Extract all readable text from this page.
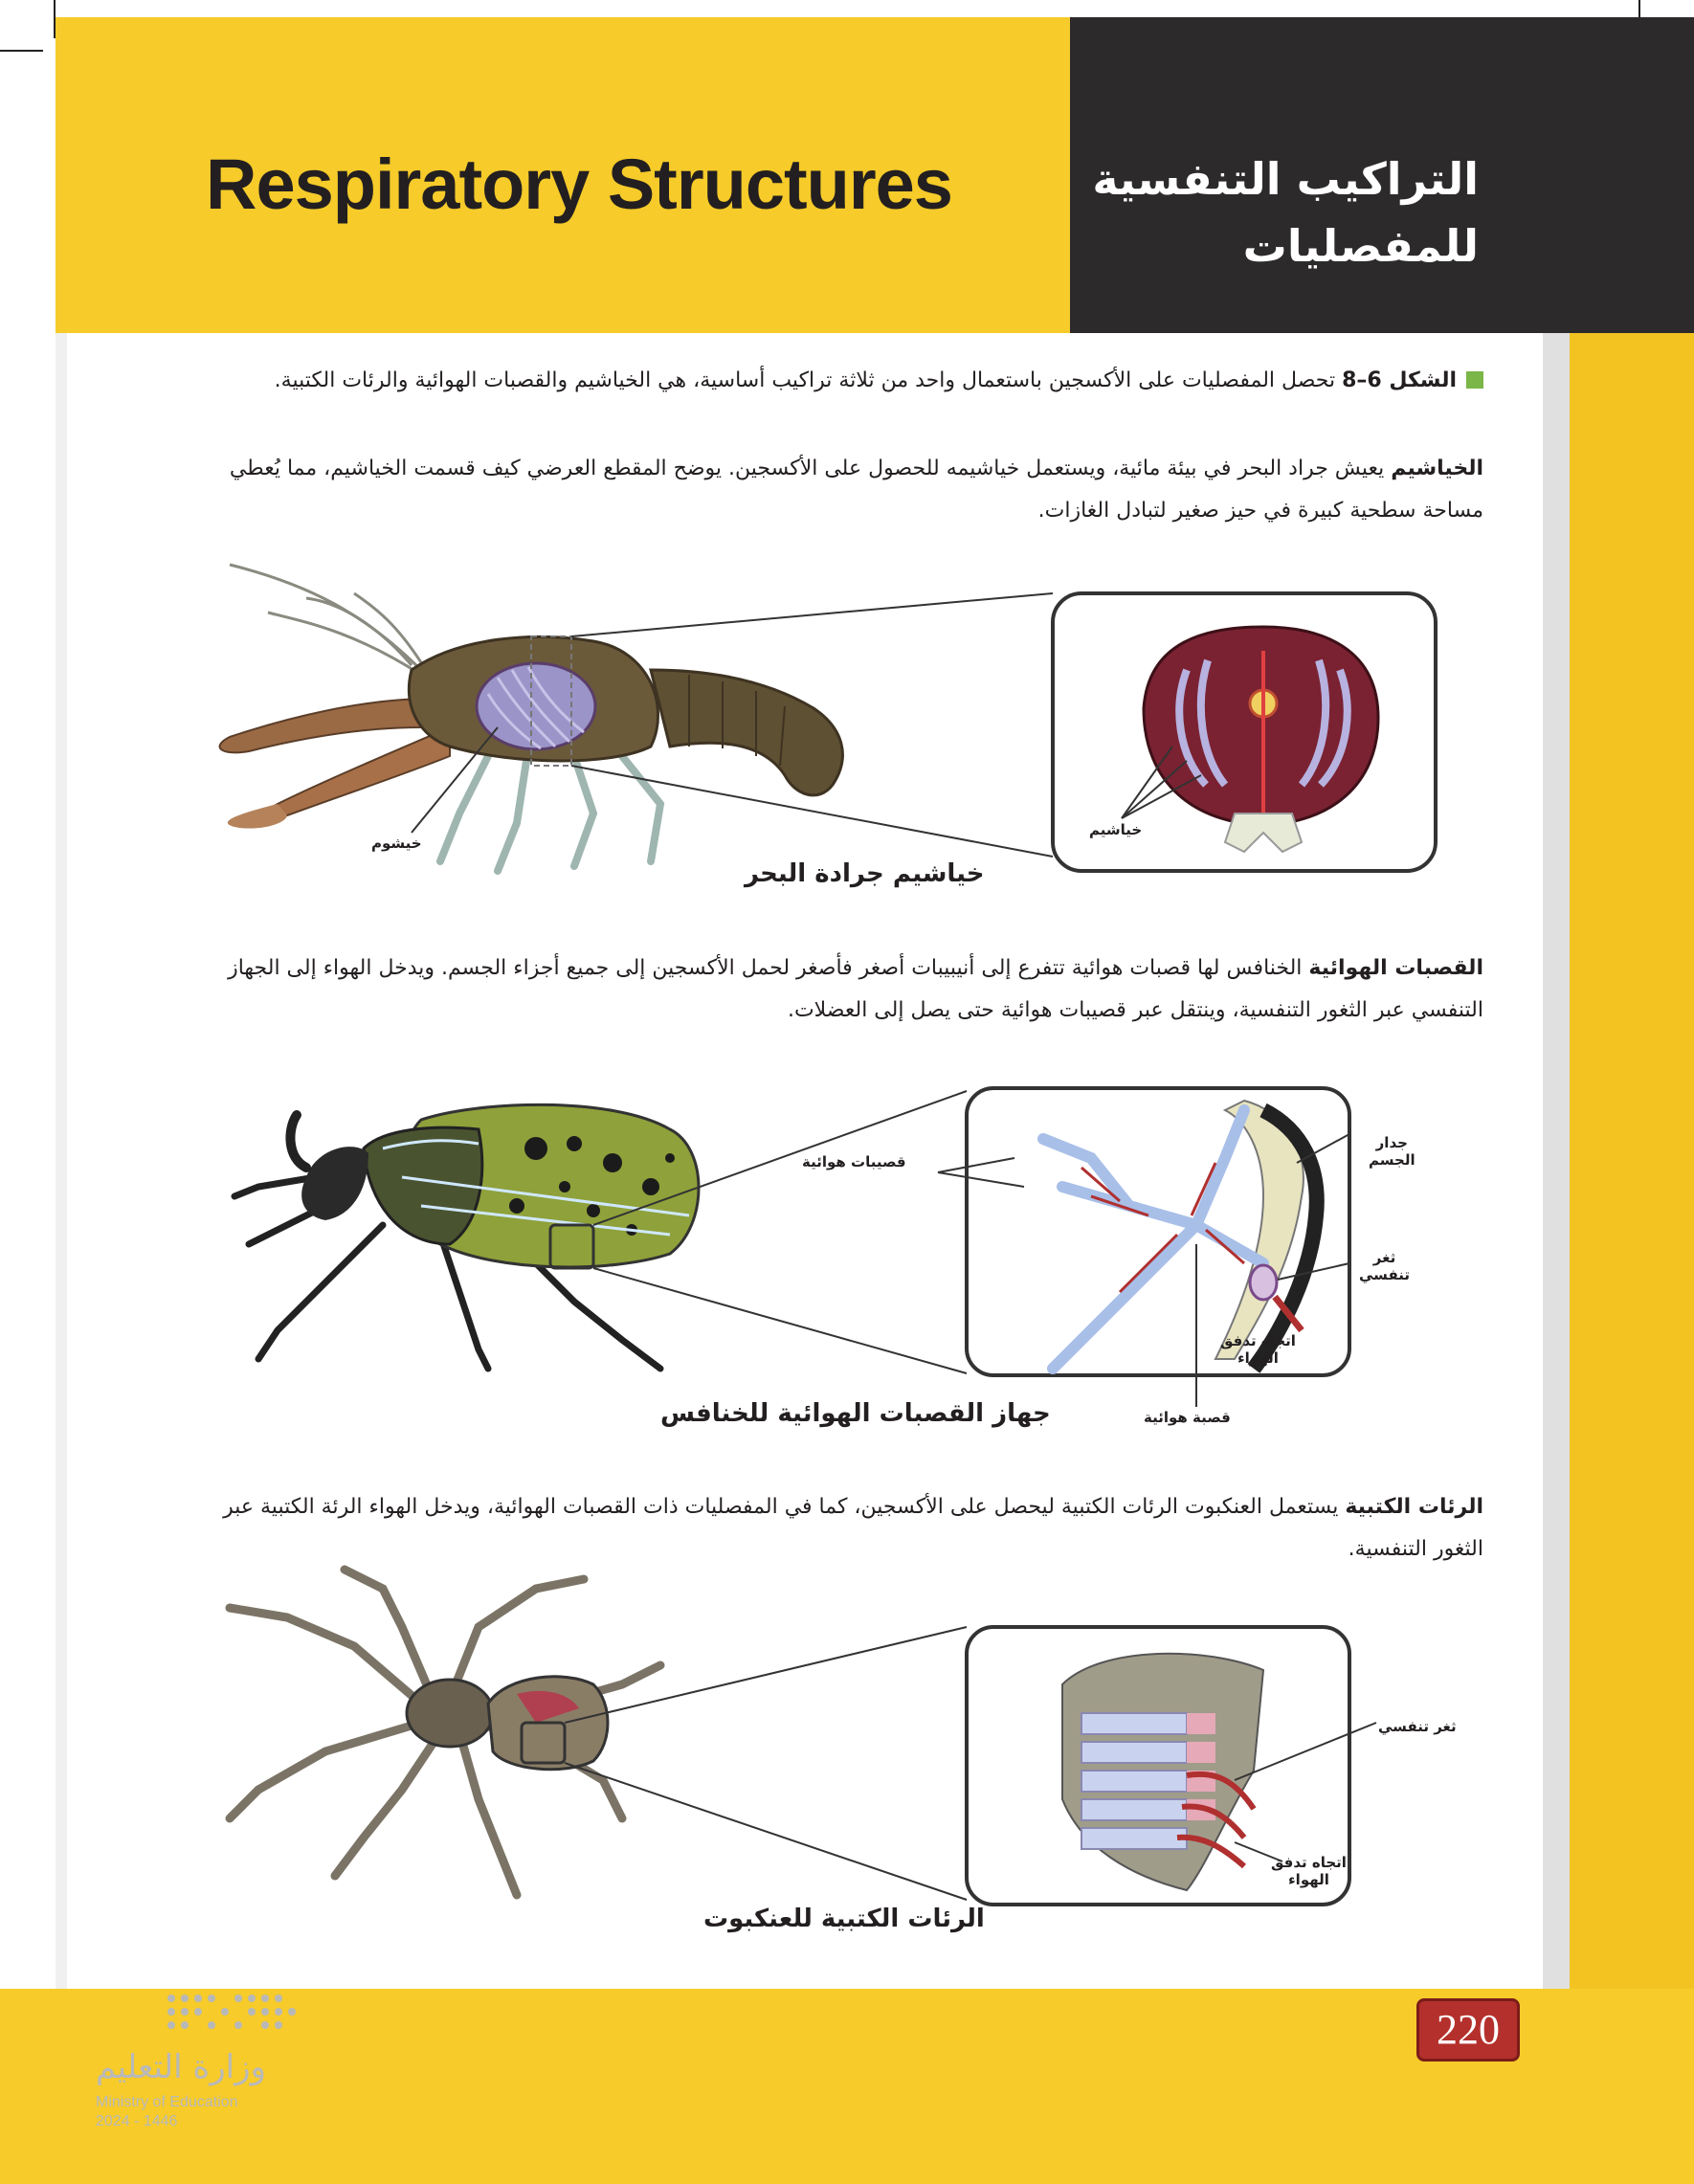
Respiratory Structures	التراكيب التنفسية
للمفصليات
الشكل 6–8 تحصل المفصليات على الأكسجين باستعمال واحد من ثلاثة تراكيب أساسية، هي الخياشيم والقصبات الهوائية والرئات الكتبية.
الخياشيم يعيش جراد البحر في بيئة مائية، ويستعمل خياشيمه للحصول على الأكسجين. يوضح المقطع العرضي كيف قسمت الخياشيم، مما يُعطي مساحة سطحية كبيرة في حيز صغير لتبادل الغازات.
القصبات الهوائية الخنافس لها قصبات هوائية تتفرع إلى أنيبيبات أصغر فأصغر لحمل الأكسجين إلى جميع أجزاء الجسم. ويدخل الهواء إلى الجهاز التنفسي عبر الثغور التنفسية، وينتقل عبر قصيبات هوائية حتى يصل إلى العضلات.
الرئات الكتبية يستعمل العنكبوت الرئات الكتبية ليحصل على الأكسجين، كما في المفصليات ذات القصبات الهوائية، ويدخل الهواء الرئة الكتبية عبر الثغور التنفسية.
خيشوم
خياشيم
خياشيم جرادة البحر
قصيبات هوائية
جدار
الجسم
ثغر
تنفسي
اتجاه تدفق
الهواء
قصبة هوائية
جهاز القصبات الهوائية للخنافس
ثغر تنفسي
اتجاه تدفق
الهواء
الرئات الكتبية للعنكبوت
220
وزارة التعليم
Ministry of Education
2024 - 1446
